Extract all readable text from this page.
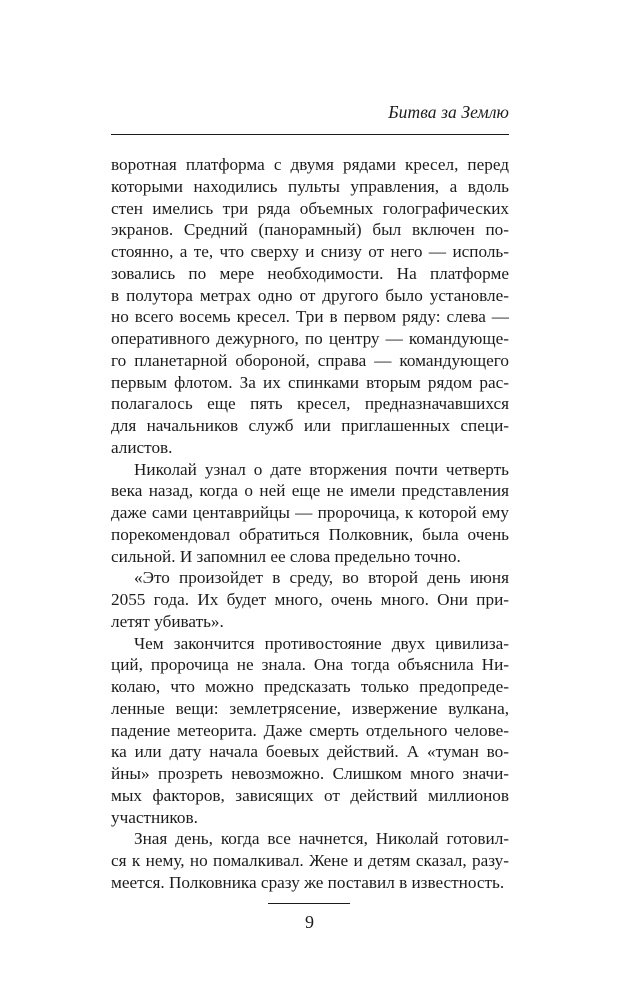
Битва за Землю
воротная платформа с двумя рядами кресел, перед
которыми находились пульты управления, а вдоль
стен имелись три ряда объемных голографических
экранов. Средний (панорамный) был включен по-
стоянно, а те, что сверху и снизу от него — исполь-
зовались по мере необходимости. На платформе
в полутора метрах одно от другого было установле-
но всего восемь кресел. Три в первом ряду: слева —
оперативного дежурного, по центру — командующе-
го планетарной обороной, справа — командующего
первым флотом. За их спинками вторым рядом рас-
полагалось еще пять кресел, предназначавшихся
для начальников служб или приглашенных специ-
алистов.
Николай узнал о дате вторжения почти четверть
века назад, когда о ней еще не имели представления
даже сами центаврийцы — пророчица, к которой ему
порекомендовал обратиться Полковник, была очень
сильной. И запомнил ее слова предельно точно.
«Это произойдет в среду, во второй день июня
2055 года. Их будет много, очень много. Они при-
летят убивать».
Чем закончится противостояние двух цивилиза-
ций, пророчица не знала. Она тогда объяснила Ни-
колаю, что можно предсказать только предопреде-
ленные вещи: землетрясение, извержение вулкана,
падение метеорита. Даже смерть отдельного челове-
ка или дату начала боевых действий. А «туман во-
йны» прозреть невозможно. Слишком много значи-
мых факторов, зависящих от действий миллионов
участников.
Зная день, когда все начнется, Николай готовил-
ся к нему, но помалкивал. Жене и детям сказал, разу-
меется. Полковника сразу же поставил в известность.
9
